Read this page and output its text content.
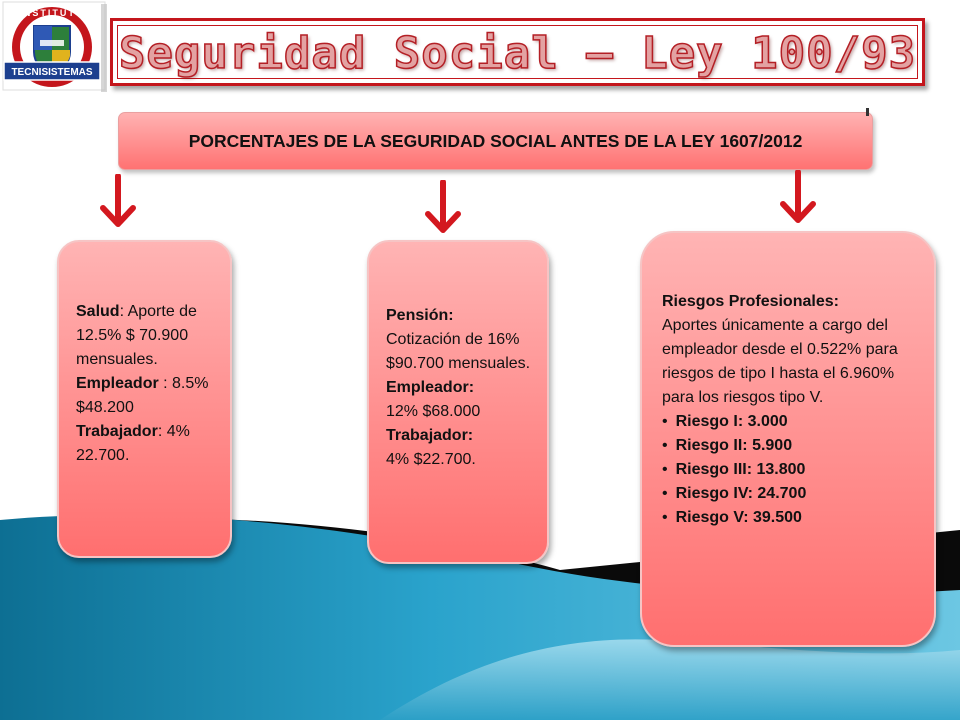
TECNISISTEMAS
INSTITUTO
Seguridad Social – Ley 100/93
PORCENTAJES DE LA SEGURIDAD SOCIAL ANTES DE LA LEY 1607/2012
Salud: Aporte de 12.5% $ 70.900 mensuales.
Empleador : 8.5% $48.200
Trabajador: 4% 22.700.
Pensión:
Cotización de 16% $90.700 mensuales.
Empleador:
12% $68.000
Trabajador:
4% $22.700.
Riesgos Profesionales:
Aportes únicamente a cargo del empleador desde el 0.522% para riesgos de tipo I hasta el 6.960% para los riesgos tipo V.
• Riesgo I: 3.000
• Riesgo II: 5.900
• Riesgo III: 13.800
• Riesgo IV: 24.700
• Riesgo V: 39.500
